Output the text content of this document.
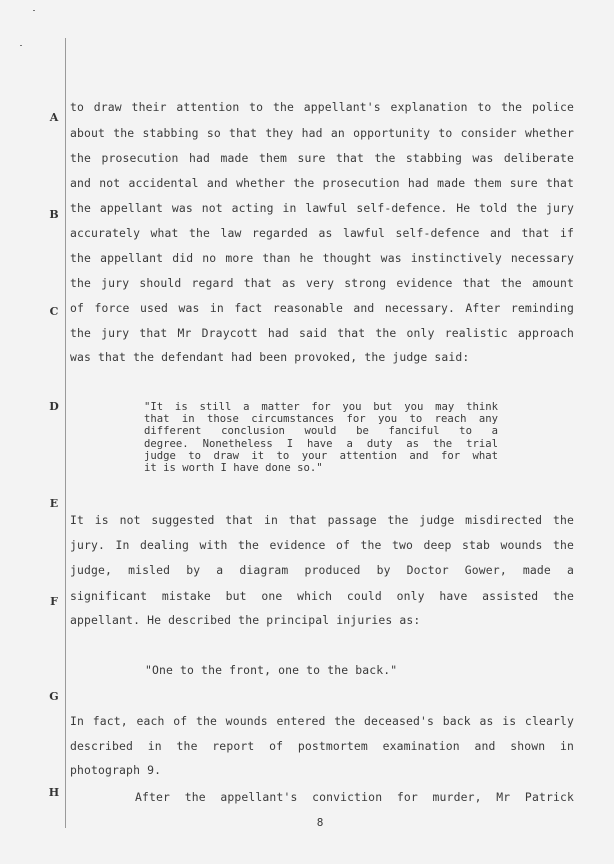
A
B
C
D
E
F
G
H
to draw their attention to the appellant's explanation to the police
about the stabbing so that they had an opportunity to consider whether
the prosecution had made them sure that the stabbing was deliberate
and not accidental and whether the prosecution had made them sure that
the appellant was not acting in lawful self-defence. He told the jury
accurately what the law regarded as lawful self-defence and that if
the appellant did no more than he thought was instinctively necessary
the jury should regard that as very strong evidence that the amount
of force used was in fact reasonable and necessary. After reminding
the jury that Mr Draycott had said that the only realistic approach
was that the defendant had been provoked, the judge said:
"It is still a matter for you but you may think
that in those circumstances for you to reach any
different conclusion would be fanciful to a
degree. Nonetheless I have a duty as the trial
judge to draw it to your attention and for what
it is worth I have done so."
It is not suggested that in that passage the judge misdirected the
jury. In dealing with the evidence of the two deep stab wounds the
judge, misled by a diagram produced by Doctor Gower, made a
significant mistake but one which could only have assisted the
appellant. He described the principal injuries as:
"One to the front, one to the back."
In fact, each of the wounds entered the deceased's back as is clearly
described in the report of postmortem examination and shown in
photograph 9.
After the appellant's conviction for murder, Mr Patrick
8
